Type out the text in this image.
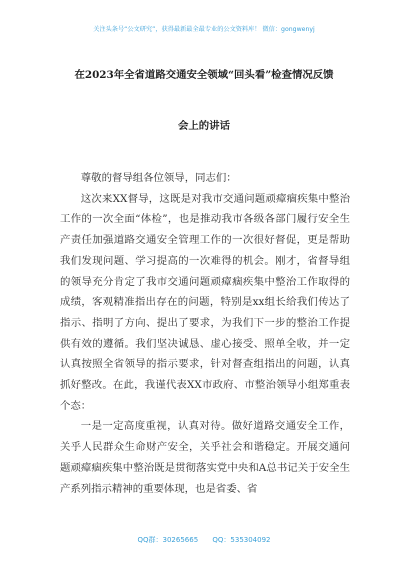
关注头条号“公文研究”，获得最新最全最专业的公文资料库！ 微信：gongwenyj
在2023年全省道路交通安全领域“回头看”检查情况反馈
会上的讲话

尊敬的督导组各位领导，同志们：

这次来XX督导，这既是对我市交通问题顽瘴痼疾集中整治工作的一次全面“体检”，也是推动我市各级各部门履行安全生产责任加强道路交通安全管理工作的一次很好督促，更是帮助我们发现问题、学习提高的一次难得的机会。刚才，省督导组的领导充分肯定了我市交通问题顽瘴痼疾集中整治工作取得的成绩，客观精准指出存在的问题，特别是xx组长给我们传达了指示、指明了方向、提出了要求，为我们下一步的整治工作提供有效的遵循。我们坚决诚恳、虚心接受、照单全收，并一定认真按照全省领导的指示要求，针对督查组指出的问题，认真抓好整改。在此，我谨代表XX市政府、市整治领导小组郑重表个态：

一是一定高度重视，认真对待。做好道路交通安全工作，关乎人民群众生命财产安全，关乎社会和谐稳定。开展交通问题顽瘴痼疾集中整治既是贯彻落实党中央和A总书记关于安全生产系列指示精神的重要体现，也是省委、省

QQ群：30265665 QQ：535304092
